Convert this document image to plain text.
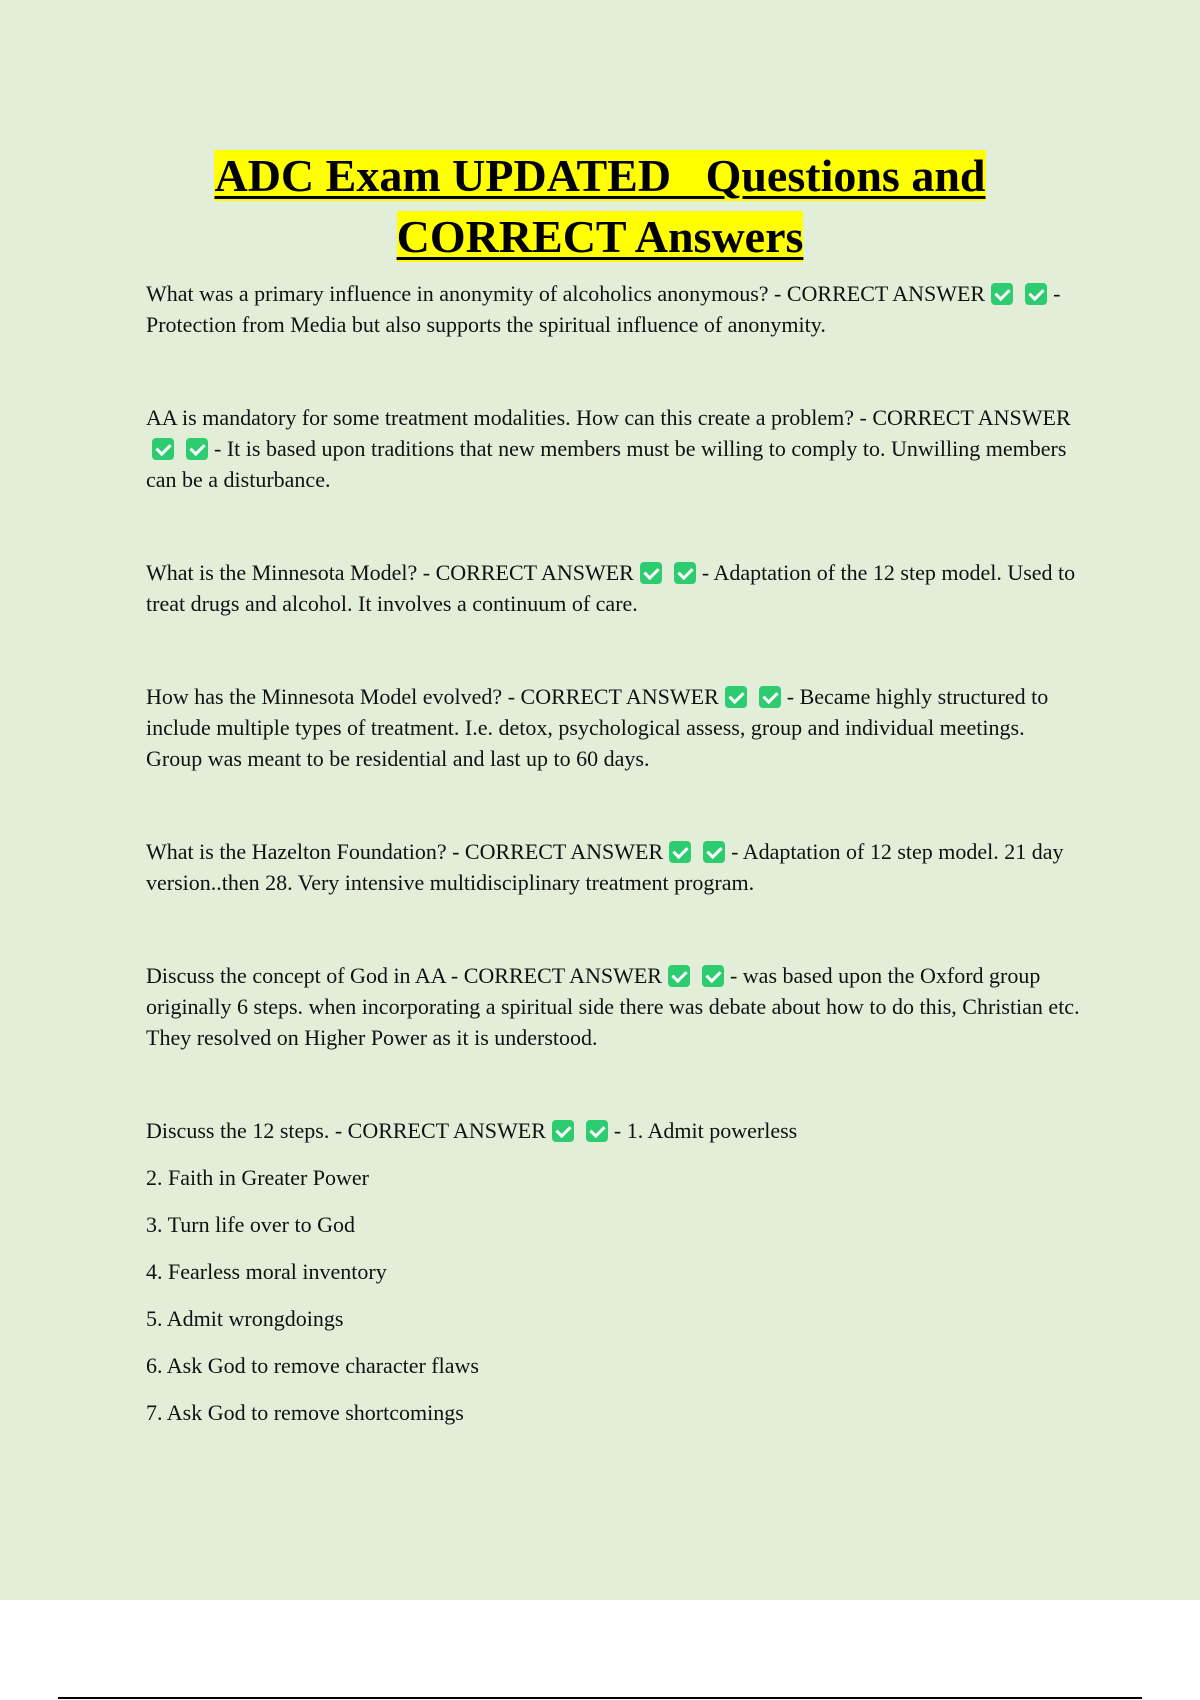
ADC Exam UPDATED   Questions and
CORRECT Answers

What was a primary influence in anonymity of alcoholics anonymous? - CORRECT ANSWER	- Protection from Media but also supports the spiritual influence of anonymity.

AA is mandatory for some treatment modalities. How can this create a problem? - CORRECT ANSWER- It is based upon traditions that new members must be willing to comply to. Unwilling members can be a disturbance.

What is the Minnesota Model? - CORRECT ANSWER	- Adaptation of the 12 step model. Used to treat drugs and alcohol. It involves a continuum of care.

How has the Minnesota Model evolved? - CORRECT ANSWER	- Became highly structured to include multiple types of treatment. I.e. detox, psychological assess, group and individual meetings. Group was meant to be residential and last up to 60 days.

What is the Hazelton Foundation? - CORRECT ANSWER	- Adaptation of 12 step model. 21 day version..then 28. Very intensive multidisciplinary treatment program.

Discuss the concept of God in AA - CORRECT ANSWER	- was based upon the Oxford group originally 6 steps. when incorporating a spiritual side there was debate about how to do this, Christian etc. They resolved on Higher Power as it is understood.

Discuss the 12 steps. - CORRECT ANSWER	- 1. Admit powerless

2. Faith in Greater Power

3. Turn life over to God

4. Fearless moral inventory

5. Admit wrongdoings

6. Ask God to remove character flaws

7. Ask God to remove shortcomings
